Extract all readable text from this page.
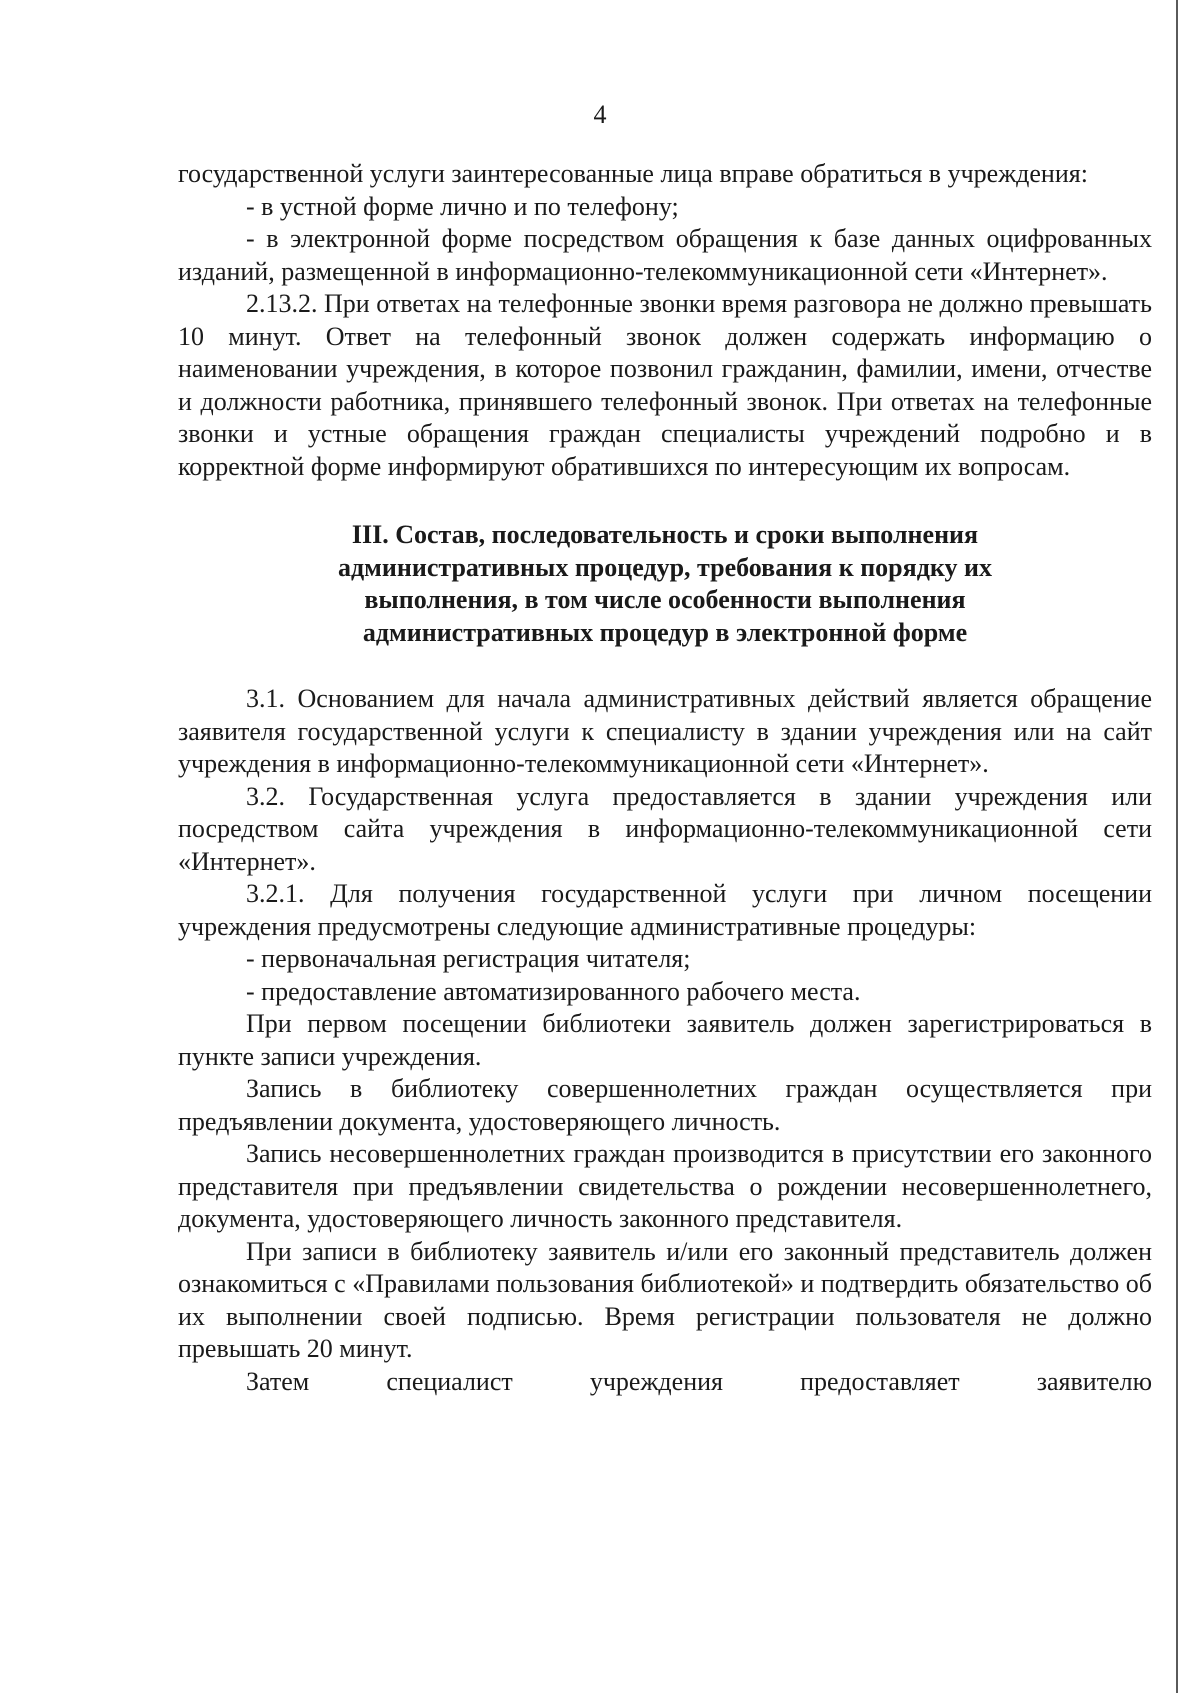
4

государственной услуги заинтересованные лица вправе обратиться в учреждения:

- в устной форме лично и по телефону;

- в электронной форме посредством обращения к базе данных оцифрованных изданий, размещенной в информационно-телекоммуникационной сети «Интернет».

2.13.2. При ответах на телефонные звонки время разговора не должно превышать 10 минут. Ответ на телефонный звонок должен содержать информацию о наименовании учреждения, в которое позвонил гражданин, фамилии, имени, отчестве и должности работника, принявшего телефонный звонок. При ответах на телефонные звонки и устные обращения граждан специалисты учреждений подробно и в корректной форме информируют обратившихся по интересующим их вопросам.

III. Состав, последовательность и сроки выполнения
административных процедур, требования к порядку их
выполнения, в том числе особенности выполнения
административных процедур в электронной форме

3.1. Основанием для начала административных действий является обращение заявителя государственной услуги к специалисту в здании учреждения или на сайт учреждения в информационно-телекоммуникационной сети «Интернет».

3.2. Государственная услуга предоставляется в здании учреждения или посредством сайта учреждения в информационно-телекоммуникационной сети «Интернет».

3.2.1. Для получения государственной услуги при личном посещении учреждения предусмотрены следующие административные процедуры:

- первоначальная регистрация читателя;

- предоставление автоматизированного рабочего места.

При первом посещении библиотеки заявитель должен зарегистрироваться в пункте записи учреждения.

Запись в библиотеку совершеннолетних граждан осуществляется при предъявлении документа, удостоверяющего личность.

Запись несовершеннолетних граждан производится в присутствии его законного представителя при предъявлении свидетельства о рождении несовершеннолетнего, документа, удостоверяющего личность законного представителя.

При записи в библиотеку заявитель и/или его законный представитель должен ознакомиться с «Правилами пользования библиотекой» и подтвердить обязательство об их выполнении своей подписью. Время регистрации пользователя не должно превышать 20 минут.

Затем специалист учреждения предоставляет заявителю
